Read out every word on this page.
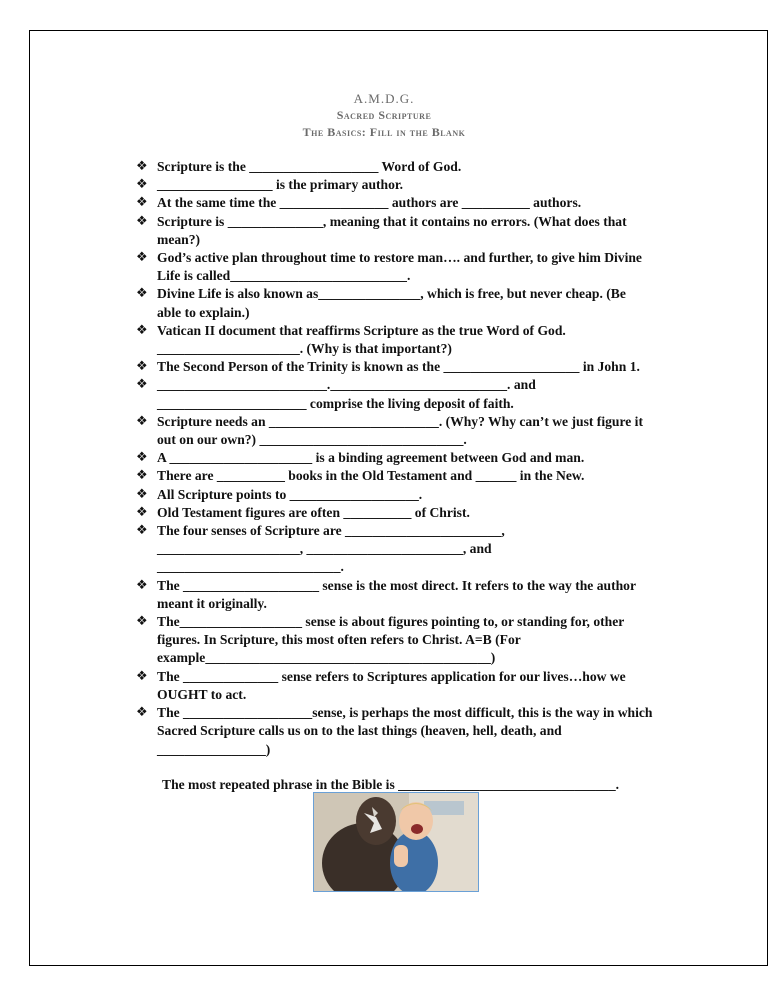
A.M.D.G.
Sacred Scripture
The Basics: Fill in the Blank
❖ Scripture is the ___________________ Word of God.
❖ _________________ is the primary author.
❖ At the same time the ________________ authors are __________ authors.
❖ Scripture is ______________, meaning that it contains no errors. (What does that mean?)
❖ God’s active plan throughout time to restore man…. and further, to give him Divine Life is called__________________________.
❖ Divine Life is also known as_______________, which is free, but never cheap. (Be able to explain.)
❖ Vatican II document that reaffirms Scripture as the true Word of God. _____________________. (Why is that important?)
❖ The Second Person of the Trinity is known as the ____________________ in John 1.
❖ _________________________.__________________________. and ______________________ comprise the living deposit of faith.
❖ Scripture needs an _________________________. (Why? Why can’t we just figure it out on our own?) ______________________________.
❖ A _____________________ is a binding agreement between God and man.
❖ There are __________ books in the Old Testament and ______ in the New.
❖ All Scripture points to ___________________.
❖ Old Testament figures are often __________ of Christ.
❖ The four senses of Scripture are _______________________, _____________________, _______________________, and ___________________________.
❖ The ____________________ sense is the most direct. It refers to the way the author meant it originally.
❖ The__________________ sense is about figures pointing to, or standing for, other figures. In Scripture, this most often refers to Christ. A=B (For example__________________________________________)
❖ The ______________ sense refers to Scriptures application for our lives…how we OUGHT to act.
❖ The ___________________sense, is perhaps the most difficult, this is the way in which Sacred Scripture calls us on to the last things (heaven, hell, death, and ________________)
The most repeated phrase in the Bible is ________________________________.
